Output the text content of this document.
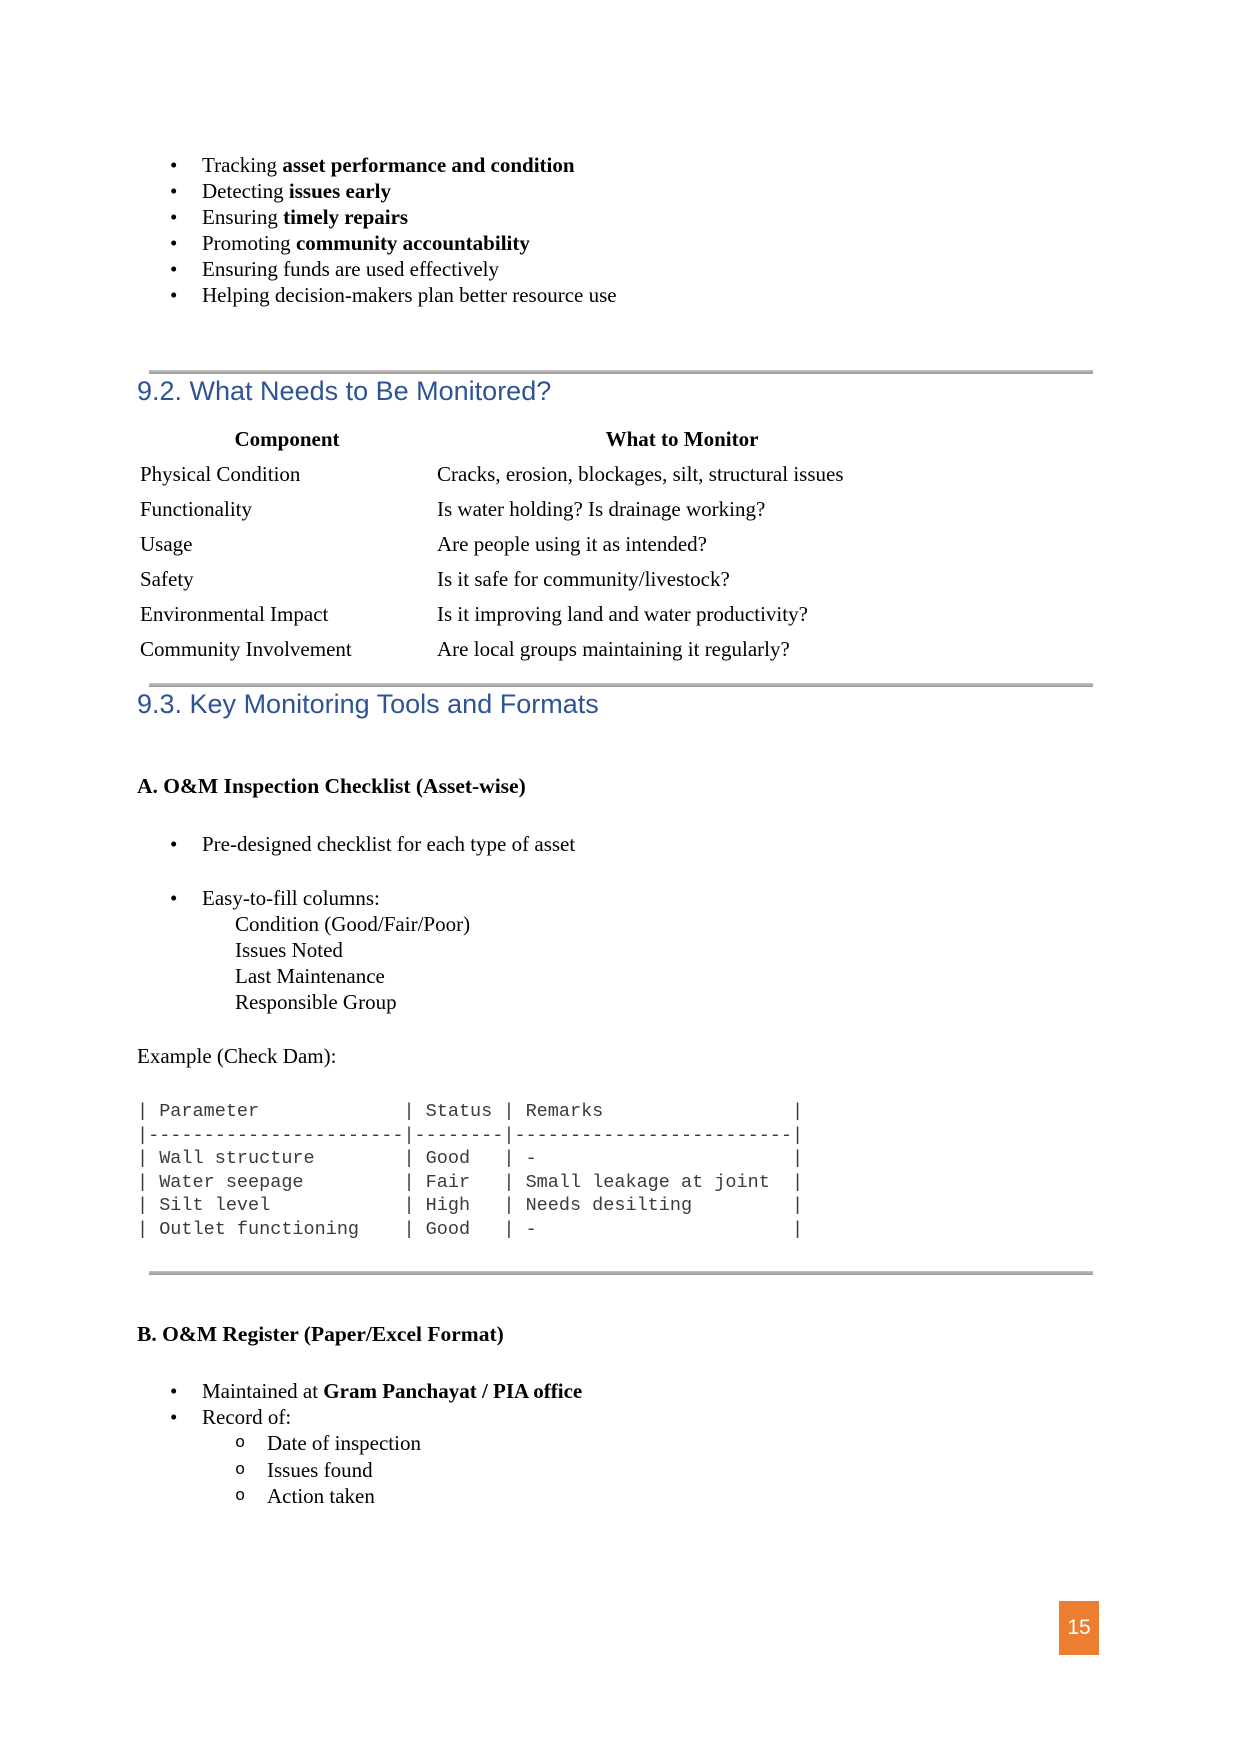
• Tracking asset performance and condition
• Detecting issues early
• Ensuring timely repairs
• Promoting community accountability
• Ensuring funds are used effectively
• Helping decision-makers plan better resource use
9.2. What Needs to Be Monitored?
Component	What to Monitor
Physical Condition	Cracks, erosion, blockages, silt, structural issues
Functionality	Is water holding? Is drainage working?
Usage	Are people using it as intended?
Safety	Is it safe for community/livestock?
Environmental Impact	Is it improving land and water productivity?
Community Involvement	Are local groups maintaining it regularly?
9.3. Key Monitoring Tools and Formats
A. O&M Inspection Checklist (Asset-wise)
• Pre-designed checklist for each type of asset
• Easy-to-fill columns:
Condition (Good/Fair/Poor)
Issues Noted
Last Maintenance
Responsible Group
Example (Check Dam):
| Parameter             | Status | Remarks                 |
|-----------------------|--------|-------------------------|
| Wall structure        | Good   | -                       |
| Water seepage         | Fair   | Small leakage at joint  |
| Silt level            | High   | Needs desilting         |
| Outlet functioning    | Good   | -                       |
B. O&M Register (Paper/Excel Format)
• Maintained at Gram Panchayat / PIA office
• Record of:
o Date of inspection
o Issues found
o Action taken
15
